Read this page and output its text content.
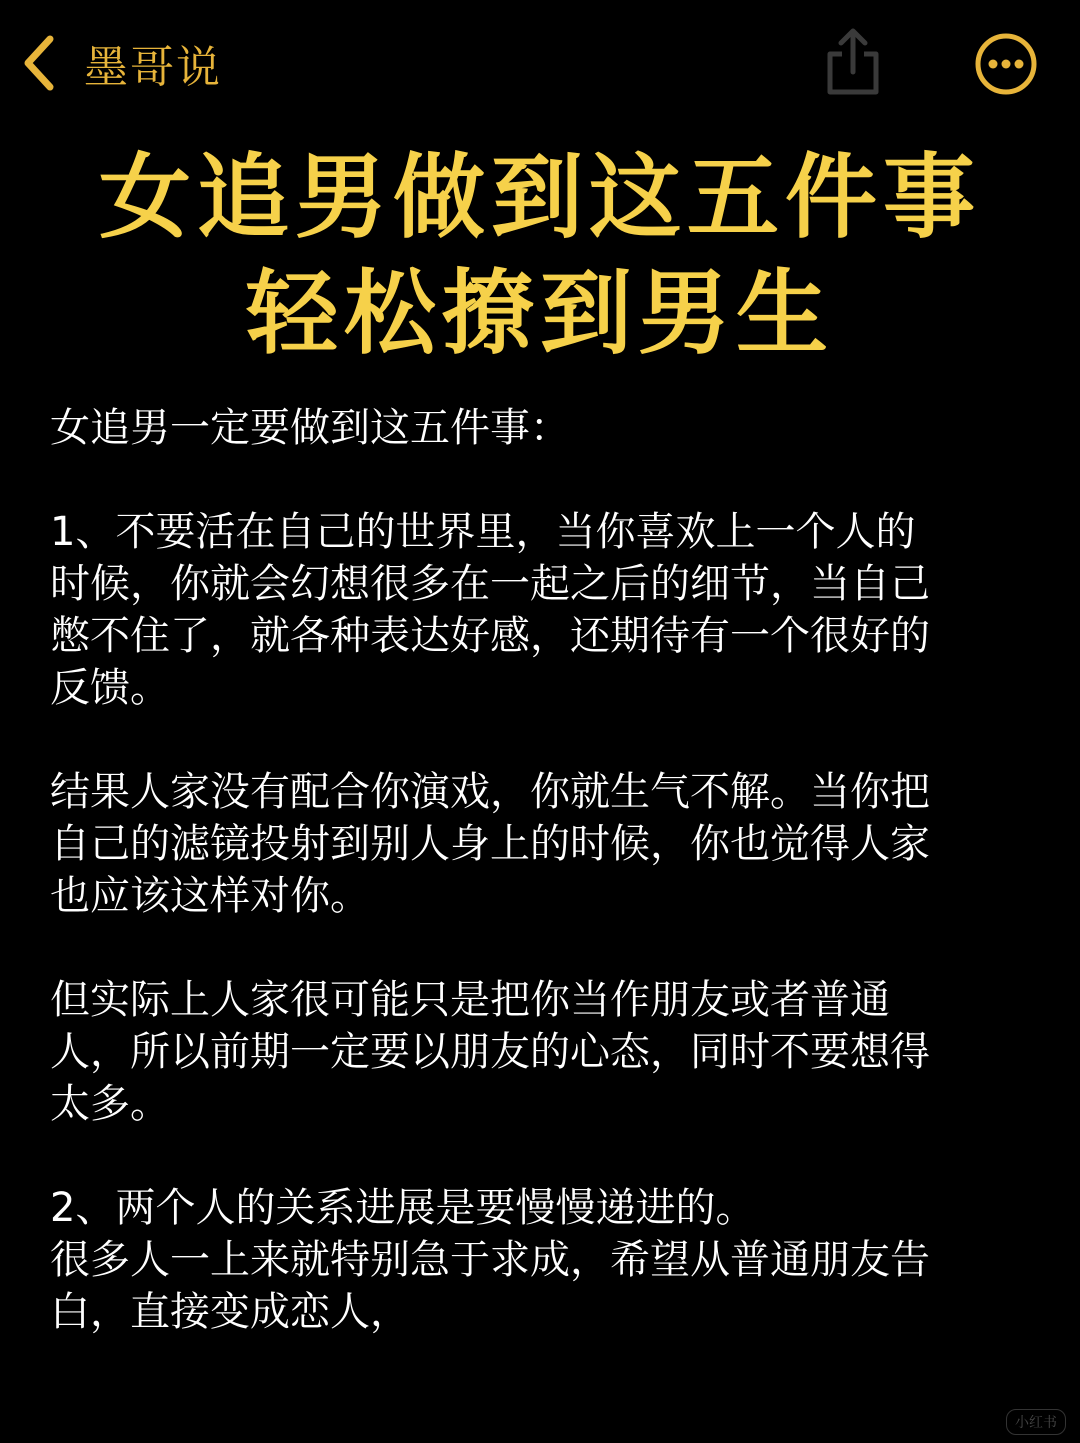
墨哥说
女追男做到这五件事
轻松撩到男生
女追男一定要做到这五件事：
1、不要活在自己的世界里，当你喜欢上一个人的
时候，你就会幻想很多在一起之后的细节，当自己
憋不住了，就各种表达好感，还期待有一个很好的
反馈。
结果人家没有配合你演戏，你就生气不解。当你把
自己的滤镜投射到别人身上的时候，你也觉得人家
也应该这样对你。
但实际上人家很可能只是把你当作朋友或者普通
人，所以前期一定要以朋友的心态，同时不要想得
太多。
2、两个人的关系进展是要慢慢递进的。
很多人一上来就特别急于求成，希望从普通朋友告
白，直接变成恋人，
小红书
